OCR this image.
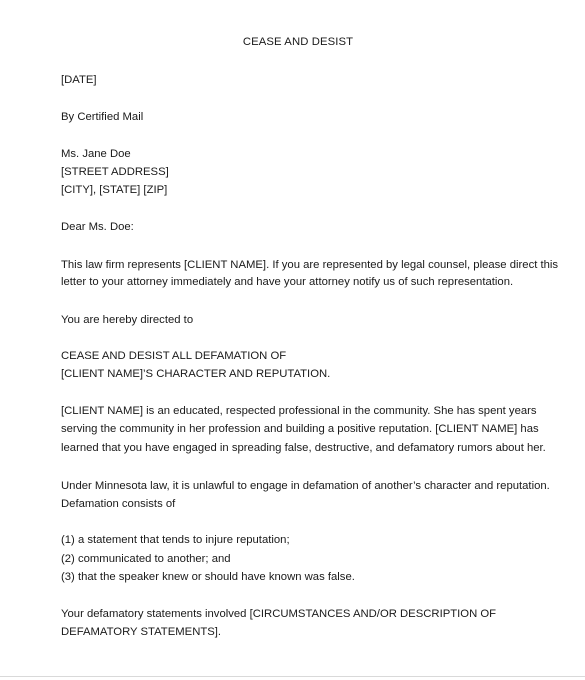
CEASE AND DESIST
[DATE]
By Certified Mail
Ms. Jane Doe
[STREET ADDRESS]
[CITY], [STATE] [ZIP]
Dear Ms. Doe:
This law firm represents [CLIENT NAME]. If you are represented by legal counsel, please direct this
letter to your attorney immediately and have your attorney notify us of such representation.
You are hereby directed to
CEASE AND DESIST ALL DEFAMATION OF
[CLIENT NAME]’S CHARACTER AND REPUTATION.
[CLIENT NAME] is an educated, respected professional in the community. She has spent years
serving the community in her profession and building a positive reputation. [CLIENT NAME] has
learned that you have engaged in spreading false, destructive, and defamatory rumors about her.
Under Minnesota law, it is unlawful to engage in defamation of another’s character and reputation.
Defamation consists of
(1) a statement that tends to injure reputation;
(2) communicated to another; and
(3) that the speaker knew or should have known was false.
Your defamatory statements involved [CIRCUMSTANCES AND/OR DESCRIPTION OF
DEFAMATORY STATEMENTS].
